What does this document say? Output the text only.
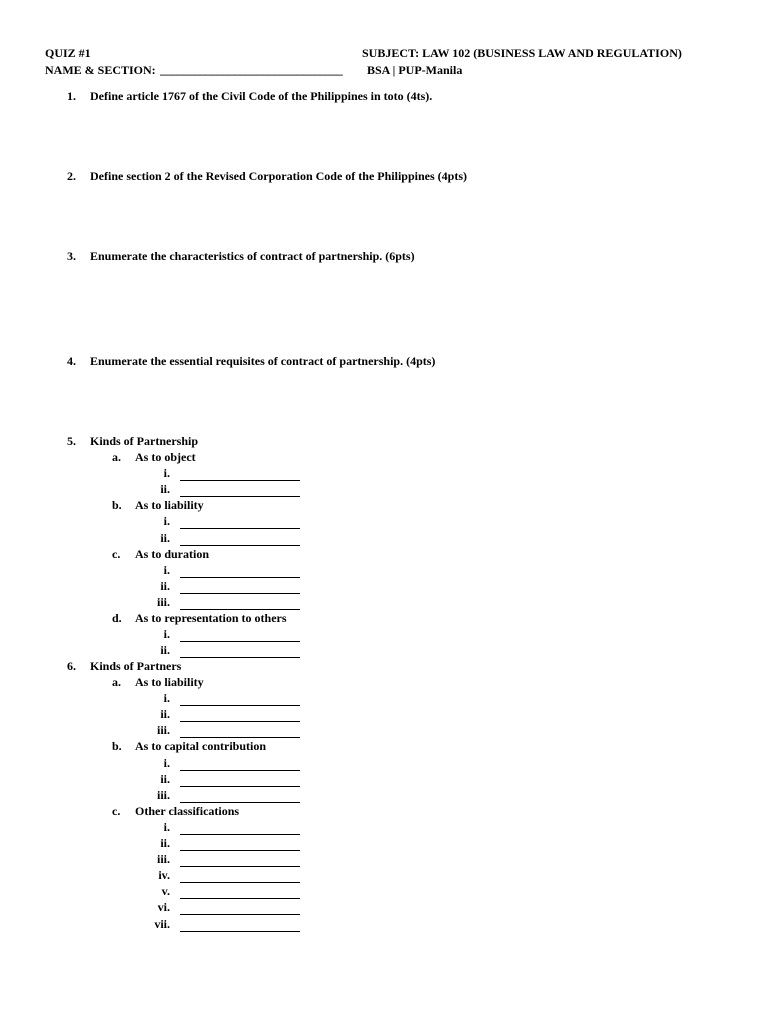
QUIZ #1	SUBJECT: LAW 102 (BUSINESS LAW AND REGULATION)
NAME & SECTION: ________________________________ BSA | PUP-Manila
1. Define article 1767 of the Civil Code of the Philippines in toto (4ts).
2. Define section 2 of the Revised Corporation Code of the Philippines (4pts)
3. Enumerate the characteristics of contract of partnership. (6pts)
4. Enumerate the essential requisites of contract of partnership. (4pts)
5. Kinds of Partnership
a. As to object
i.
ii.
b. As to liability
i.
ii.
c. As to duration
i.
ii.
iii.
d. As to representation to others
i.
ii.
6. Kinds of Partners
a. As to liability
i.
ii.
iii.
b. As to capital contribution
i.
ii.
iii.
c. Other classifications
i.
ii.
iii.
iv.
v.
vi.
vii.
